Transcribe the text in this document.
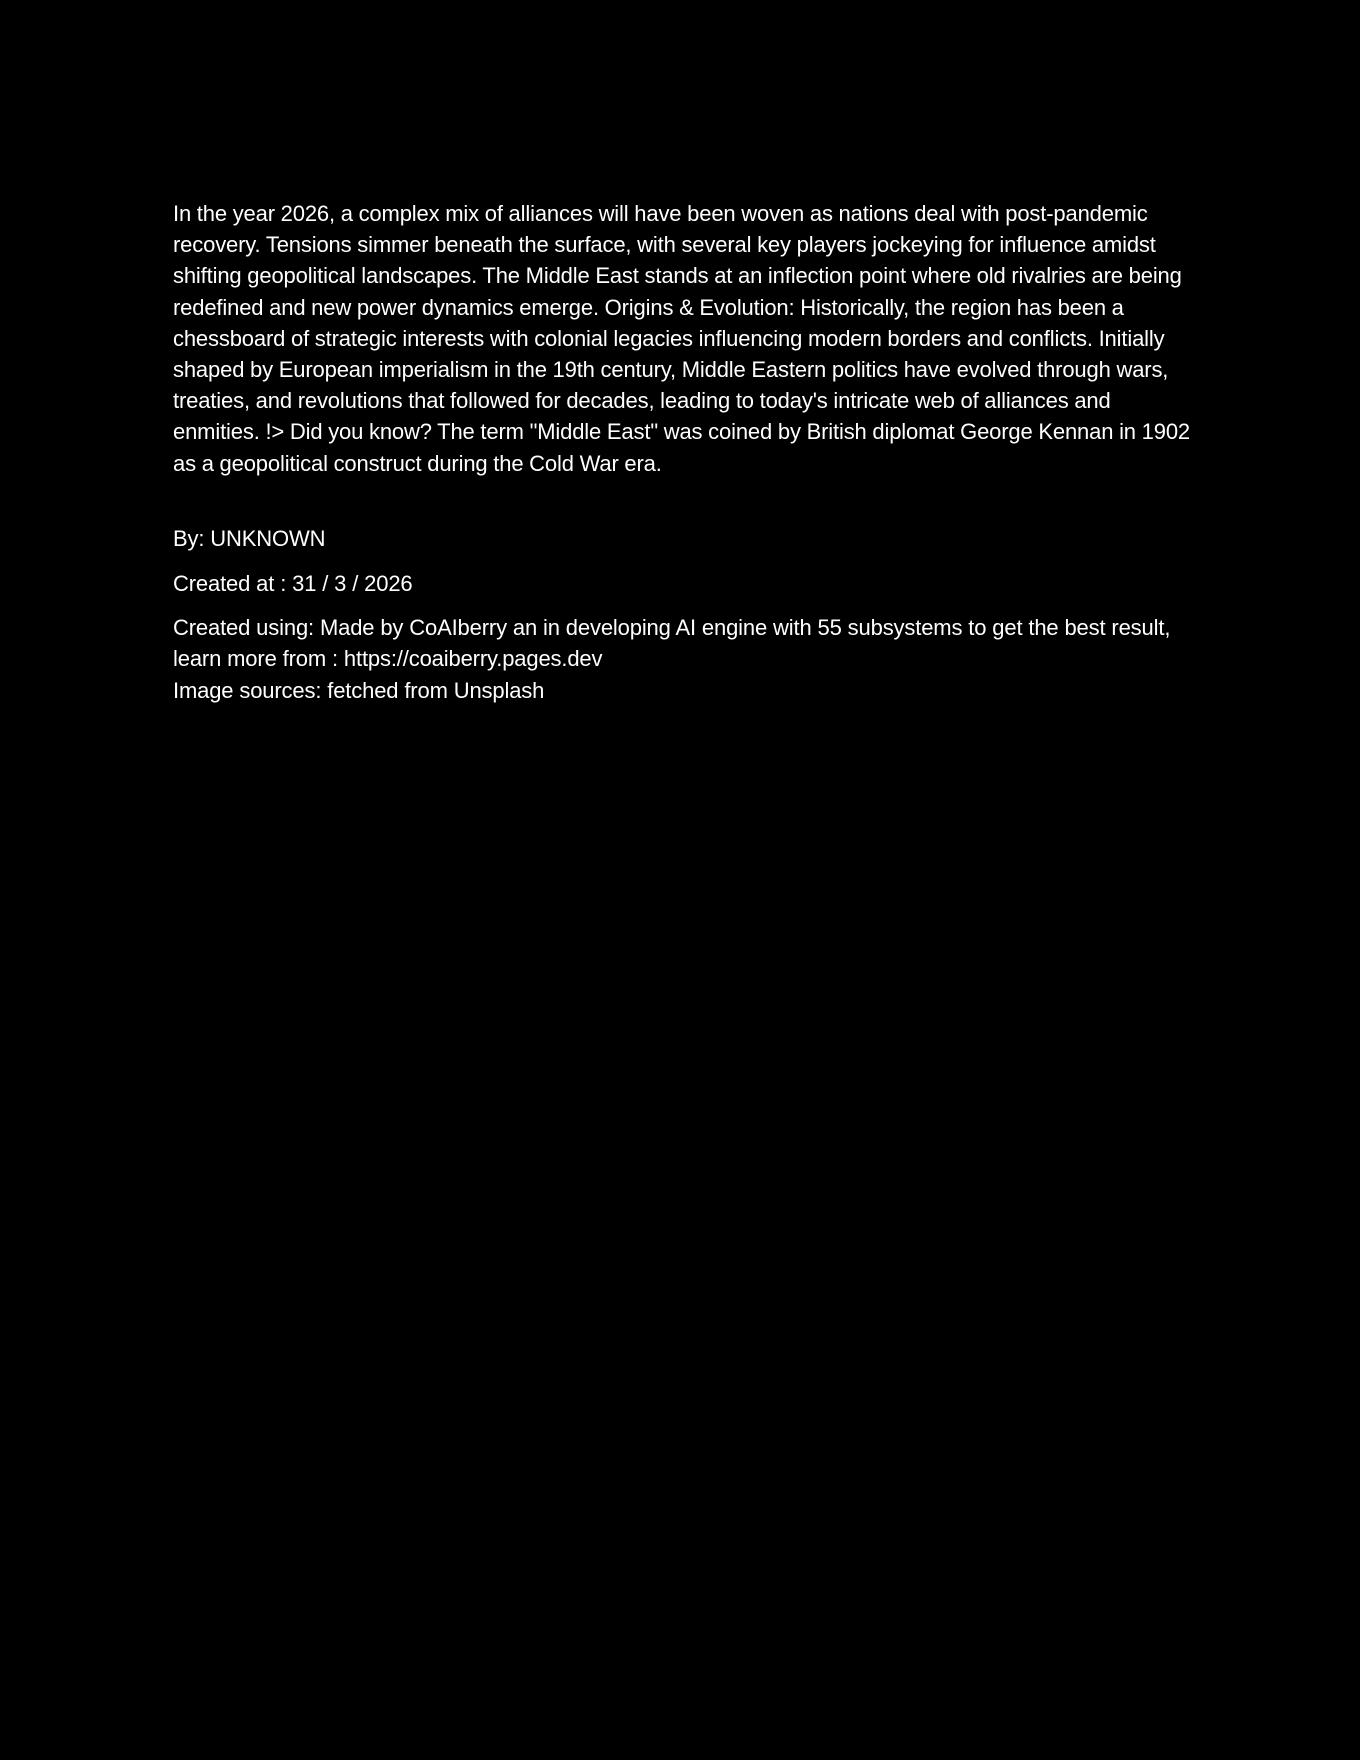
In the year 2026, a complex mix of alliances will have been woven as nations deal with post-pandemic recovery. Tensions simmer beneath the surface, with several key players jockeying for influence amidst shifting geopolitical landscapes. The Middle East stands at an inflection point where old rivalries are being redefined and new power dynamics emerge. Origins & Evolution: Historically, the region has been a chessboard of strategic interests with colonial legacies influencing modern borders and conflicts. Initially shaped by European imperialism in the 19th century, Middle Eastern politics have evolved through wars, treaties, and revolutions that followed for decades, leading to today's intricate web of alliances and enmities. !> Did you know? The term "Middle East" was coined by British diplomat George Kennan in 1902 as a geopolitical construct during the Cold War era.

By: UNKNOWN
Created at : 31 / 3 / 2026
Created using: Made by CoAIberry an in developing AI engine with 55 subsystems to get the best result, learn more from : https://coaiberry.pages.dev
Image sources: fetched from Unsplash
